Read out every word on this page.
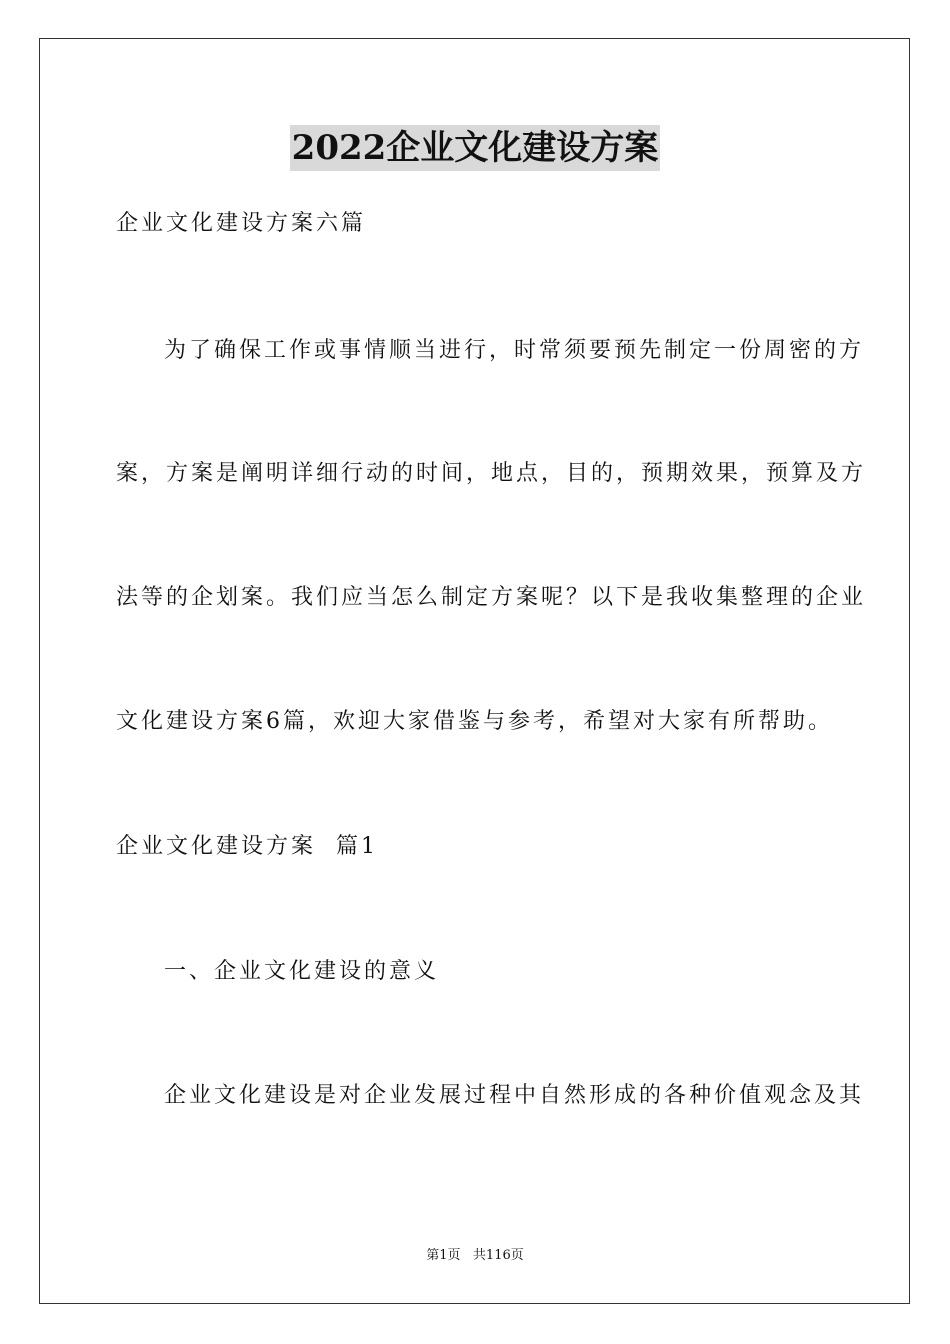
2022企业文化建设方案
企业文化建设方案六篇
为了确保工作或事情顺当进行，时常须要预先制定一份周密的方
案，方案是阐明详细行动的时间，地点，目的，预期效果，预算及方
法等的企划案。我们应当怎么制定方案呢？以下是我收集整理的企业
文化建设方案6篇，欢迎大家借鉴与参考，希望对大家有所帮助。
企业文化建设方案  篇1
一、企业文化建设的意义
企业文化建设是对企业发展过程中自然形成的各种价值观念及其
第1页   共116页
